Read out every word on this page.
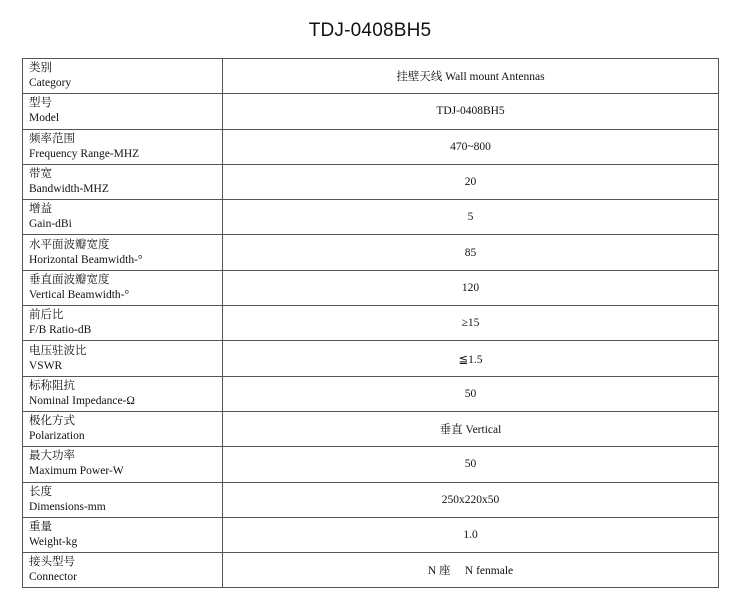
TDJ-0408BH5
类别
Category	挂壁天线 Wall mount Antennas

型号
Model	TDJ-0408BH5

频率范围
Frequency Range-MHZ	470~800

带宽
Bandwidth-MHZ	20

增益
Gain-dBi	5

水平面波瓣宽度
Horizontal Beamwidth-°	85

垂直面波瓣宽度
Vertical Beamwidth-°	120

前后比
F/B Ratio-dB	≥15

电压驻波比
VSWR	≦1.5

标称阻抗
Nominal Impedance-Ω	50

极化方式
Polarization	垂直 Vertical

最大功率
Maximum Power-W	50

长度
Dimensions-mm	250x220x50

重量
Weight-kg	1.0

接头型号
Connector	N 座　 N fenmale
